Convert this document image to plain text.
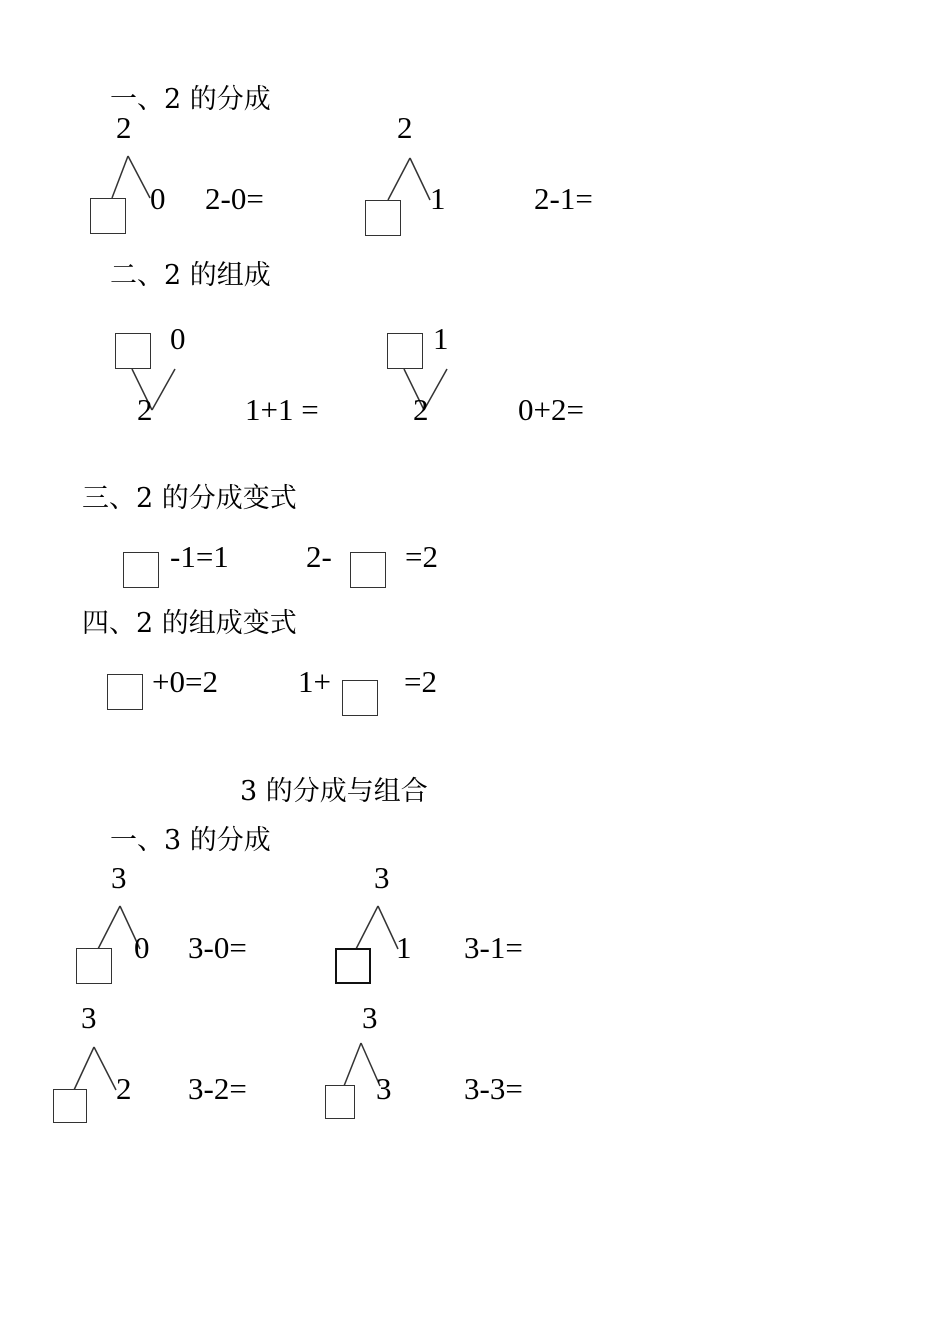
一、2 的分成
2
0 2-0=
2
1	2-1=
二、2 的组成
0
2	1+1 =
1
2	0+2=
三、2 的分成变式
-1=1 2- =2
四、2 的组成变式
+0=2	1+ =2
3 的分成与组合
一、3 的分成
3
0 3-0=
3
1 3-1=
3
2 3-2=
3
3 3-3=
